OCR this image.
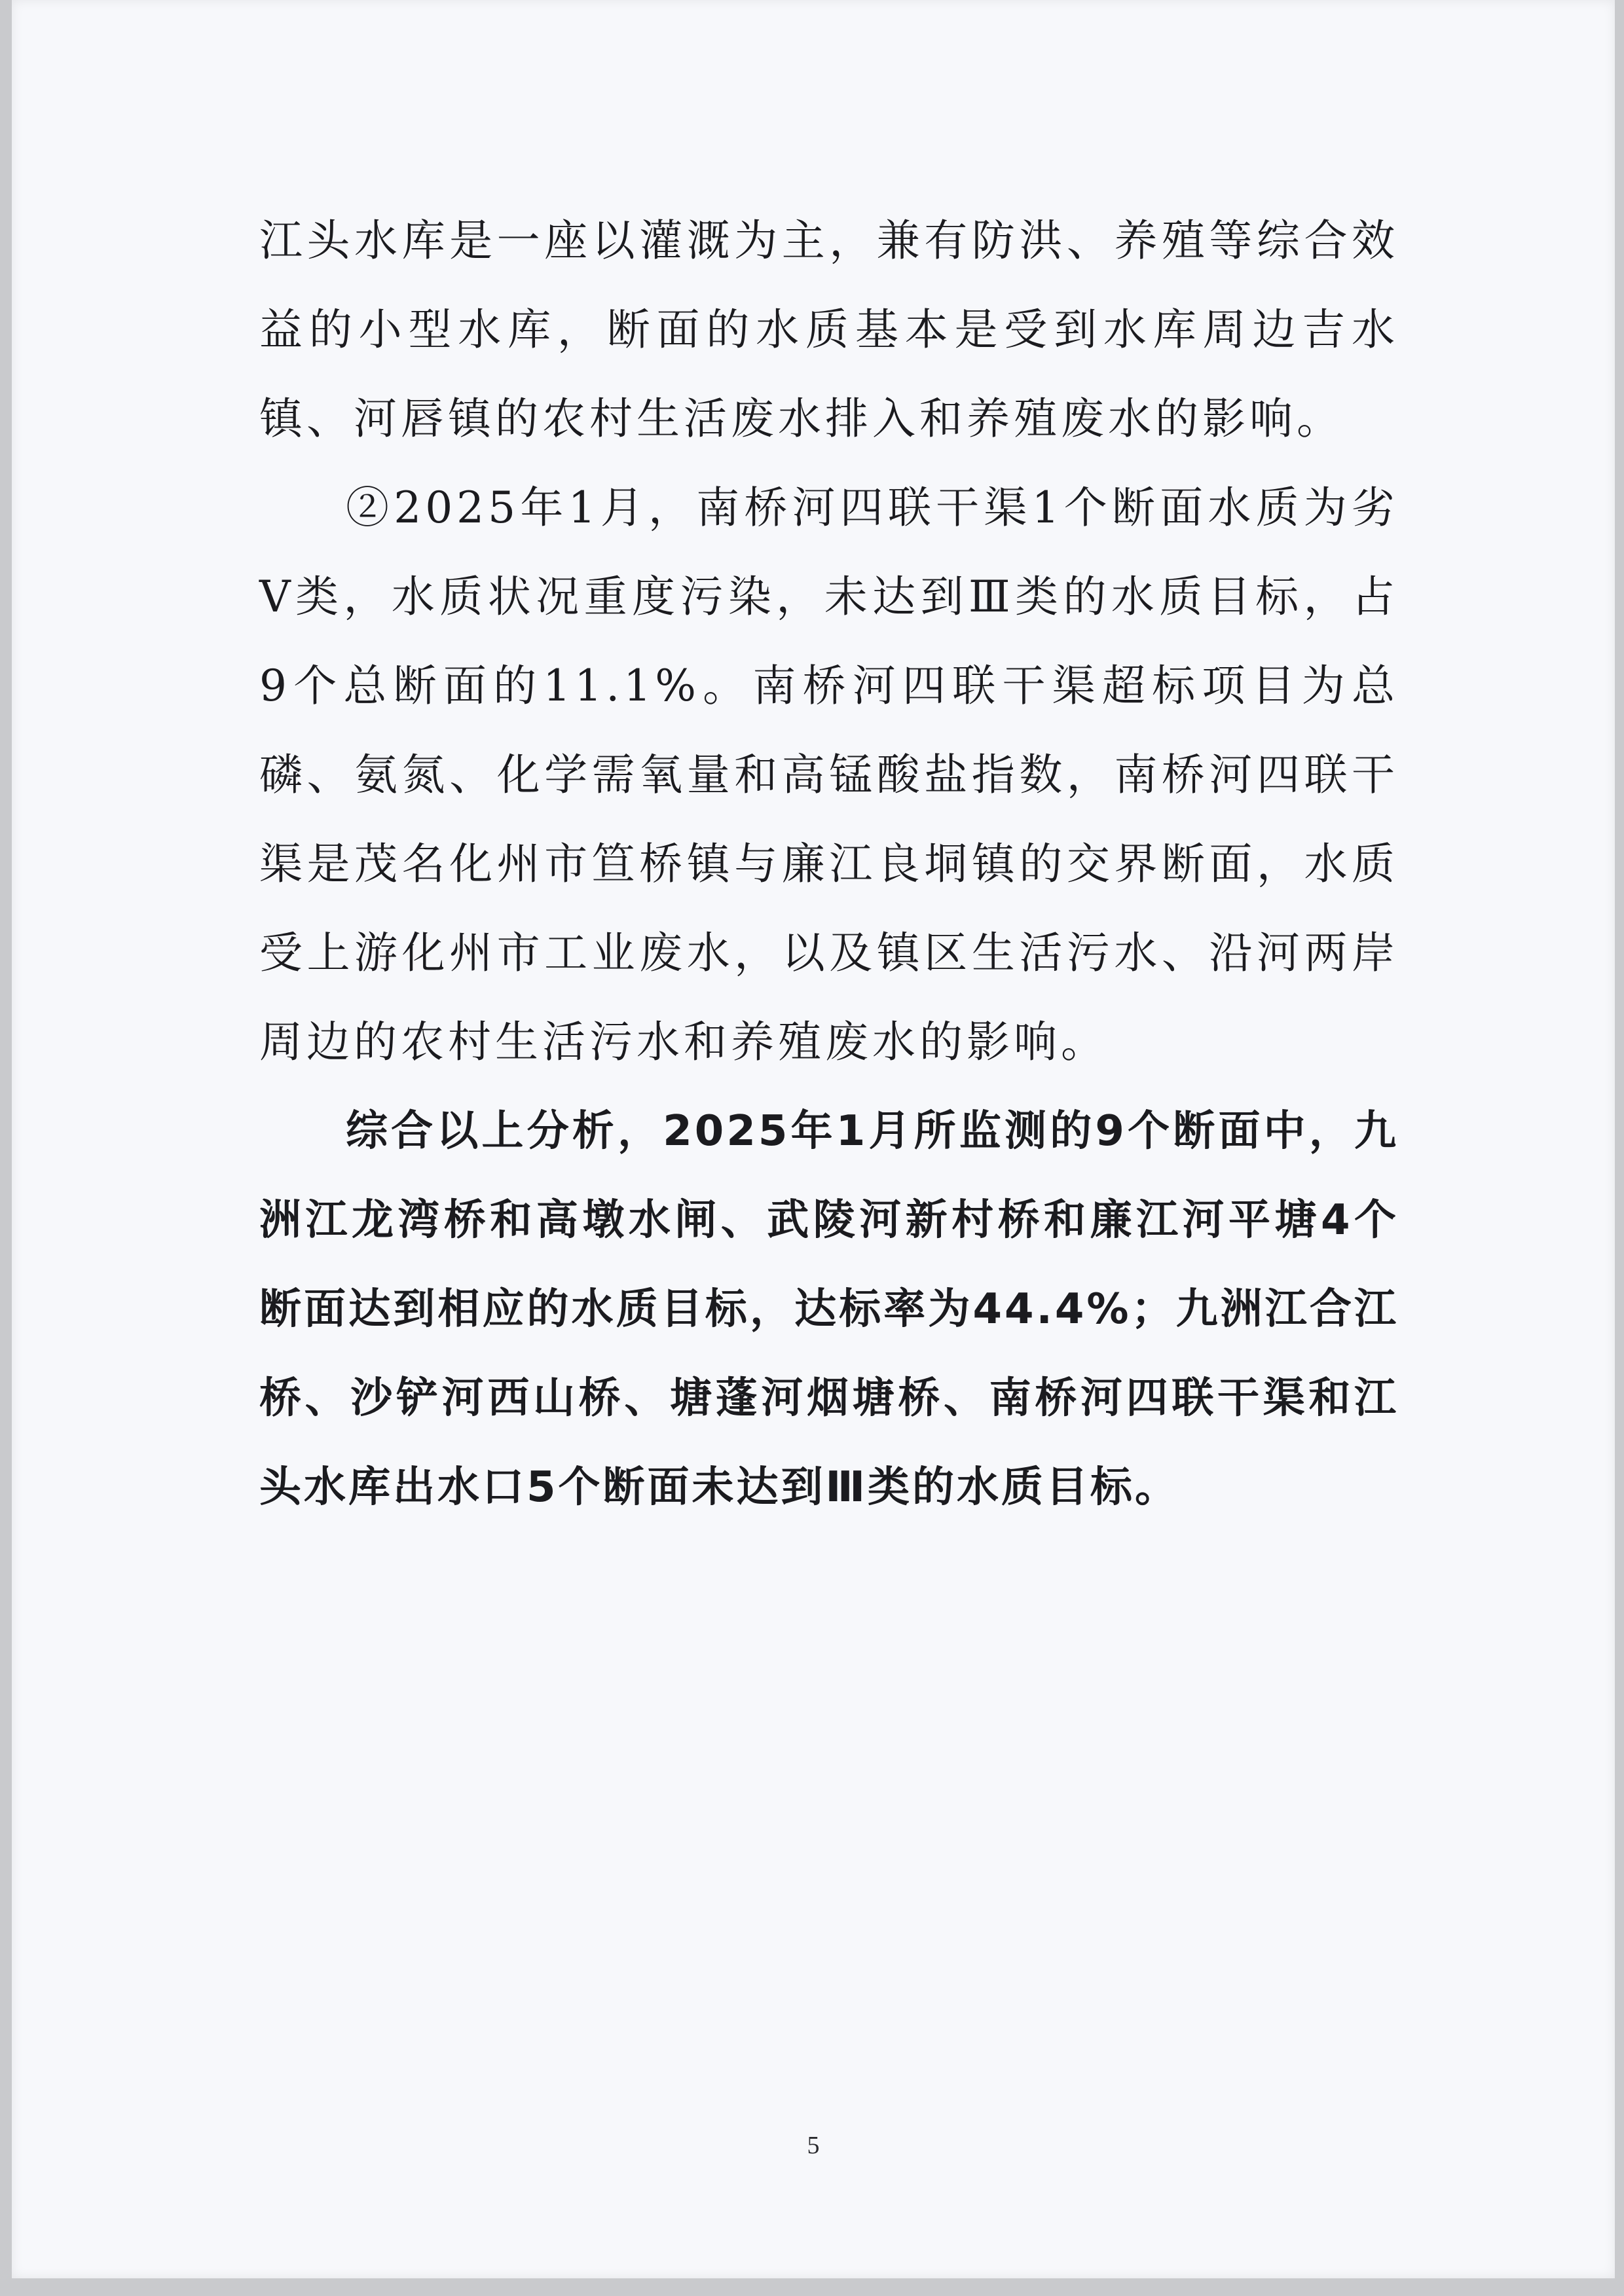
江头水库是一座以灌溉为主，兼有防洪、养殖等综合效益的小型水库，断面的水质基本是受到水库周边吉水镇、河唇镇的农村生活废水排入和养殖废水的影响。

②2025年1月，南桥河四联干渠1个断面水质为劣Ⅴ类，水质状况重度污染，未达到Ⅲ类的水质目标，占9个总断面的11.1%。南桥河四联干渠超标项目为总磷、氨氮、化学需氧量和高锰酸盐指数，南桥河四联干渠是茂名化州市笪桥镇与廉江良垌镇的交界断面，水质受上游化州市工业废水，以及镇区生活污水、沿河两岸周边的农村生活污水和养殖废水的影响。

综合以上分析，2025年1月所监测的9个断面中，九洲江龙湾桥和高墩水闸、武陵河新村桥和廉江河平塘4个断面达到相应的水质目标，达标率为44.4%；九洲江合江桥、沙铲河西山桥、塘蓬河烟塘桥、南桥河四联干渠和江头水库出水口5个断面未达到Ⅲ类的水质目标。

5
